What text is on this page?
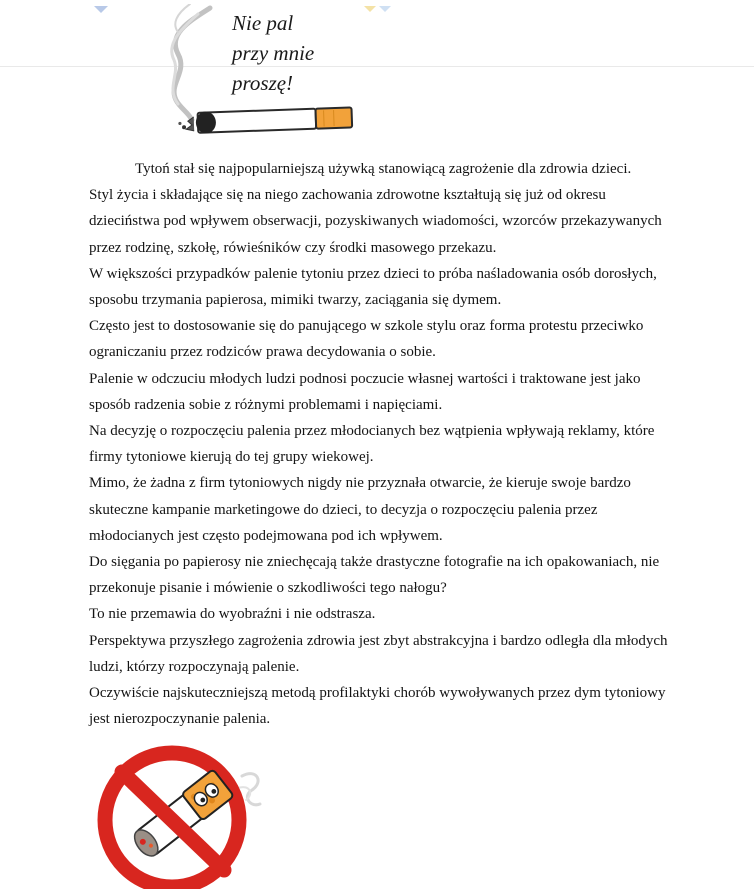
Nie pal
przy mnie
proszę!

Tytoń stał się najpopularniejszą używką stanowiącą zagrożenie dla zdrowia dzieci.

Styl życia i składające się na niego zachowania zdrowotne kształtują się już od okresu dzieciństwa pod wpływem obserwacji, pozyskiwanych wiadomości, wzorców przekazywanych przez rodzinę, szkołę, rówieśników czy środki masowego przekazu.

W większości przypadków palenie tytoniu przez dzieci to próba naśladowania osób dorosłych, sposobu trzymania papierosa, mimiki twarzy, zaciągania się dymem.

Często jest to dostosowanie się do panującego w szkole stylu oraz forma protestu przeciwko ograniczaniu przez rodziców prawa decydowania o sobie.

Palenie w odczuciu młodych ludzi podnosi poczucie własnej wartości i traktowane jest jako sposób radzenia sobie z różnymi problemami i napięciami.

Na decyzję o rozpoczęciu palenia przez młodocianych bez wątpienia wpływają reklamy, które firmy tytoniowe kierują do tej grupy wiekowej.

Mimo, że żadna z firm tytoniowych nigdy nie przyznała otwarcie, że kieruje swoje bardzo skuteczne kampanie marketingowe do dzieci, to decyzja o rozpoczęciu palenia przez młodocianych jest często podejmowana pod ich wpływem.

Do sięgania po papierosy nie zniechęcają także drastyczne fotografie na ich opakowaniach, nie przekonuje pisanie i mówienie o szkodliwości tego nałogu?

To nie przemawia do wyobraźni i nie odstrasza.

Perspektywa przyszłego zagrożenia zdrowia jest zbyt abstrakcyjna i bardzo odległa dla młodych ludzi, którzy rozpoczynają palenie.

Oczywiście najskuteczniejszą metodą profilaktyki chorób wywoływanych przez dym tytoniowy jest nierozpoczynanie palenia.
